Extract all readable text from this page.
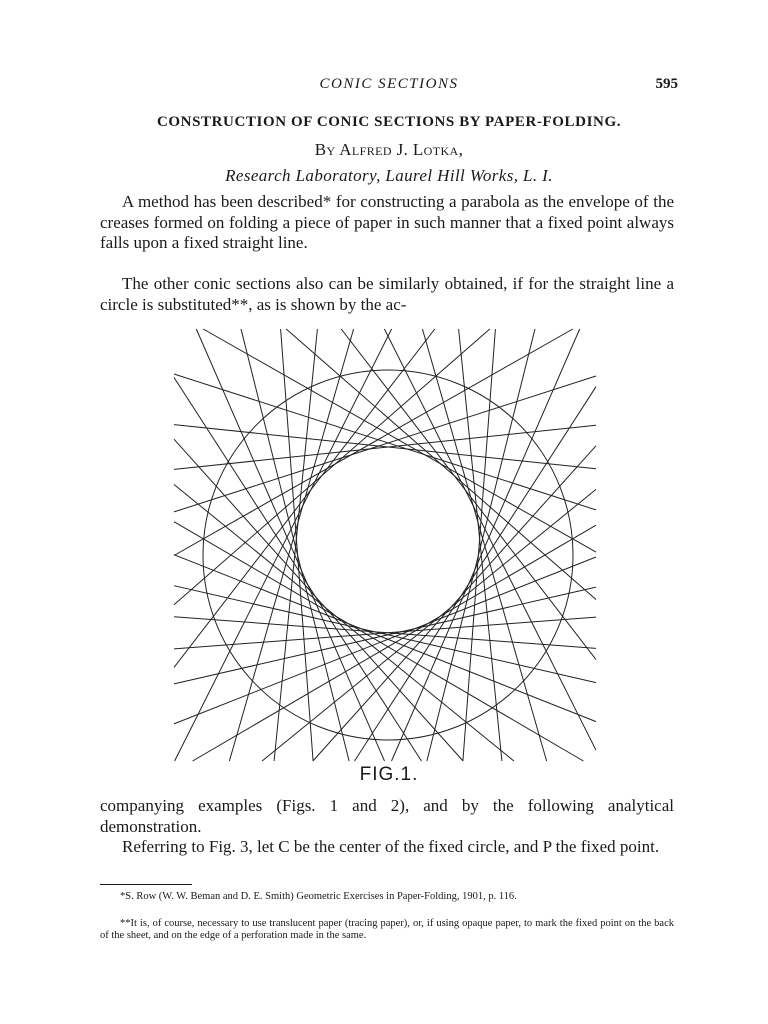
CONIC SECTIONS	595
CONSTRUCTION OF CONIC SECTIONS BY PAPER-FOLDING.
By Alfred J. Lotka,
Research Laboratory, Laurel Hill Works, L. I.

A method has been described* for constructing a parabola as the envelope of the creases formed on folding a piece of paper in such manner that a fixed point always falls upon a fixed straight line.

The other conic sections also can be similarly obtained, if for the straight line a circle is substituted**, as is shown by the ac-

FIG.1.

companying examples (Figs. 1 and 2), and by the following analytical demonstration.

Referring to Fig. 3, let C be the center of the fixed circle, and P the fixed point.

*S. Row (W. W. Beman and D. E. Smith) Geometric Exercises in Paper-Folding, 1901, p. 116.

**It is, of course, necessary to use translucent paper (tracing paper), or, if using opaque paper, to mark the fixed point on the back of the sheet, and on the edge of a perforation made in the same.
